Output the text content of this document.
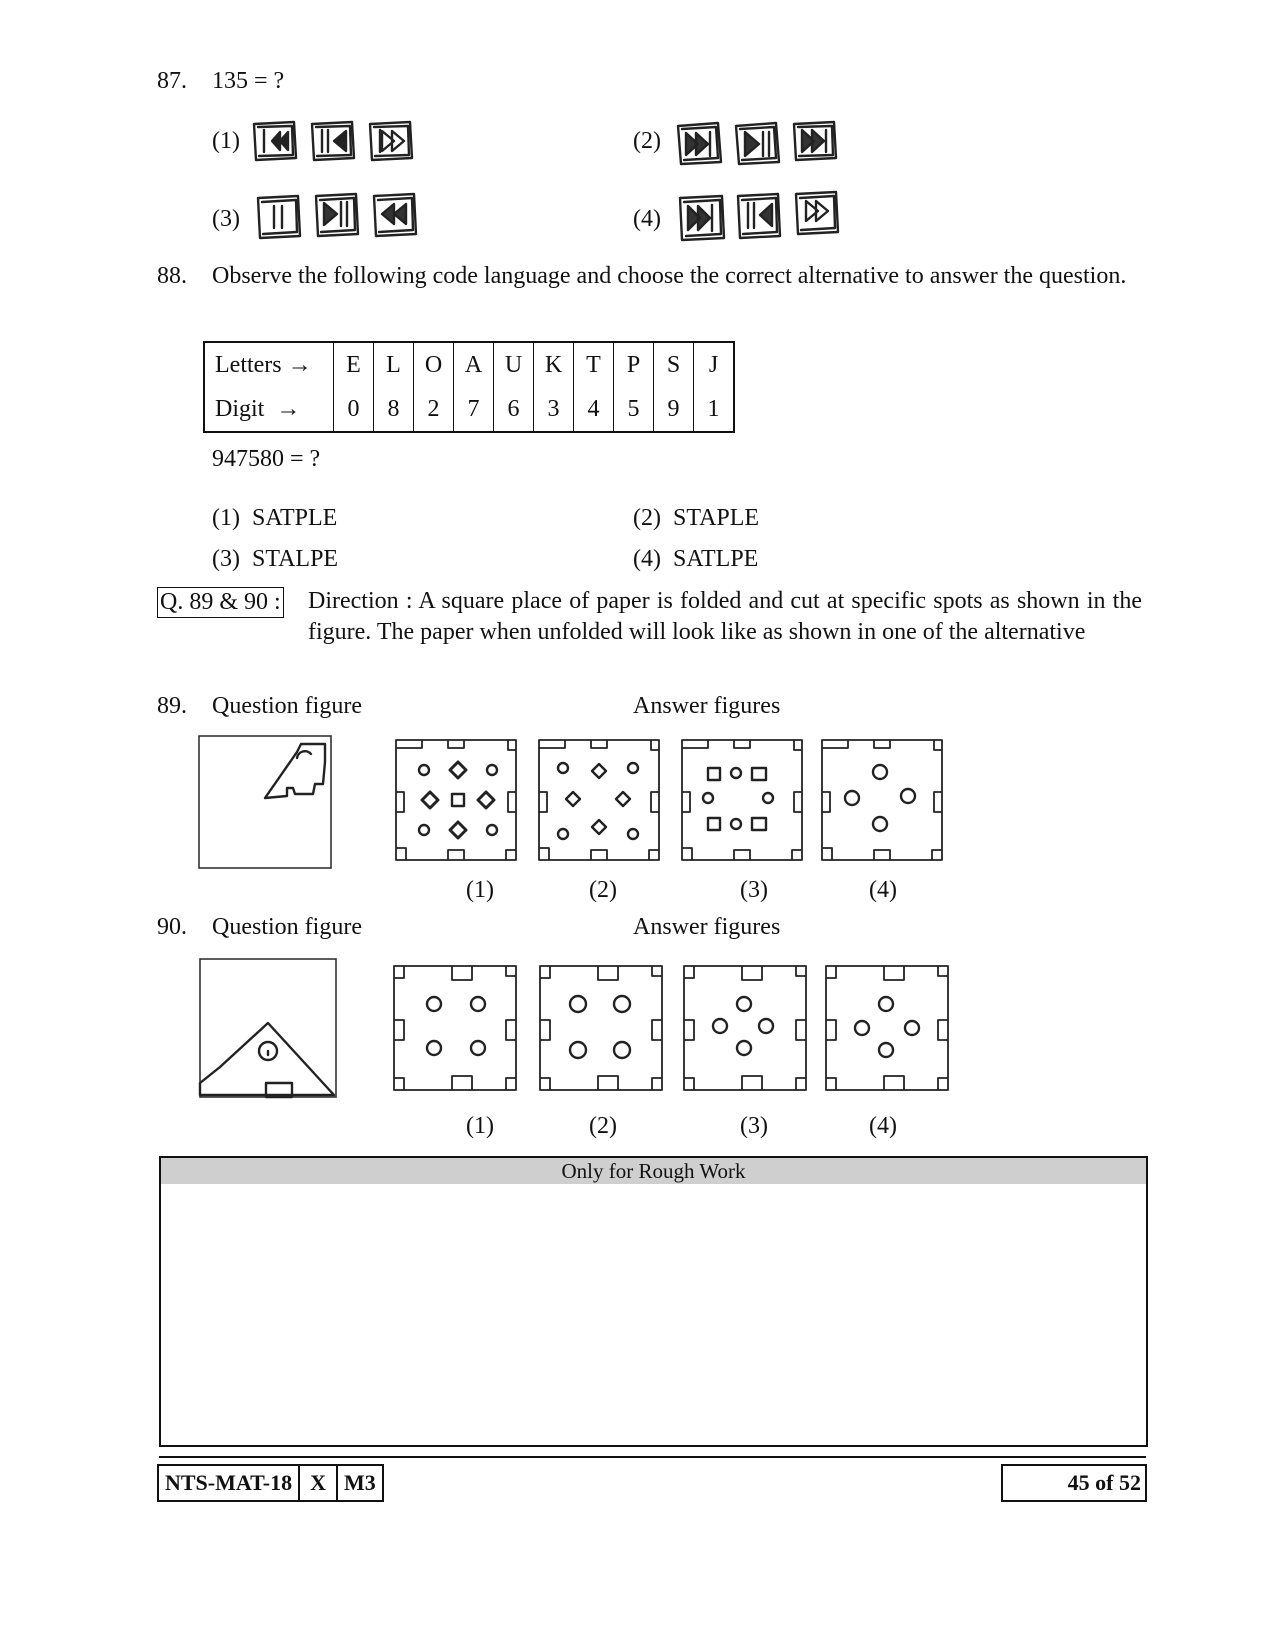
87. 135 = ?
(1)	(2)
(3)	(4)
88. Observe the following code language and choose the correct alternative to answer the question.
Letters →	E	L	O	A	U	K	T	P	S	J
Digit  →	0	8	2	7	6	3	4	5	9	1
947580 = ?
(1)  SATPLE	(2)  STAPLE
(3)  STALPE	(4)  SATLPE
Q. 89 & 90 : Direction : A square place of paper is folded and cut at specific spots as shown in the figure. The paper when unfolded will look like as shown in one of the alternative
89. Question figure	Answer figures
(1)	(2)	(3)	(4)
90. Question figure	Answer figures
(1)	(2)	(3)	(4)
Only for Rough Work
NTS-MAT-18 X M3	45 of 52
